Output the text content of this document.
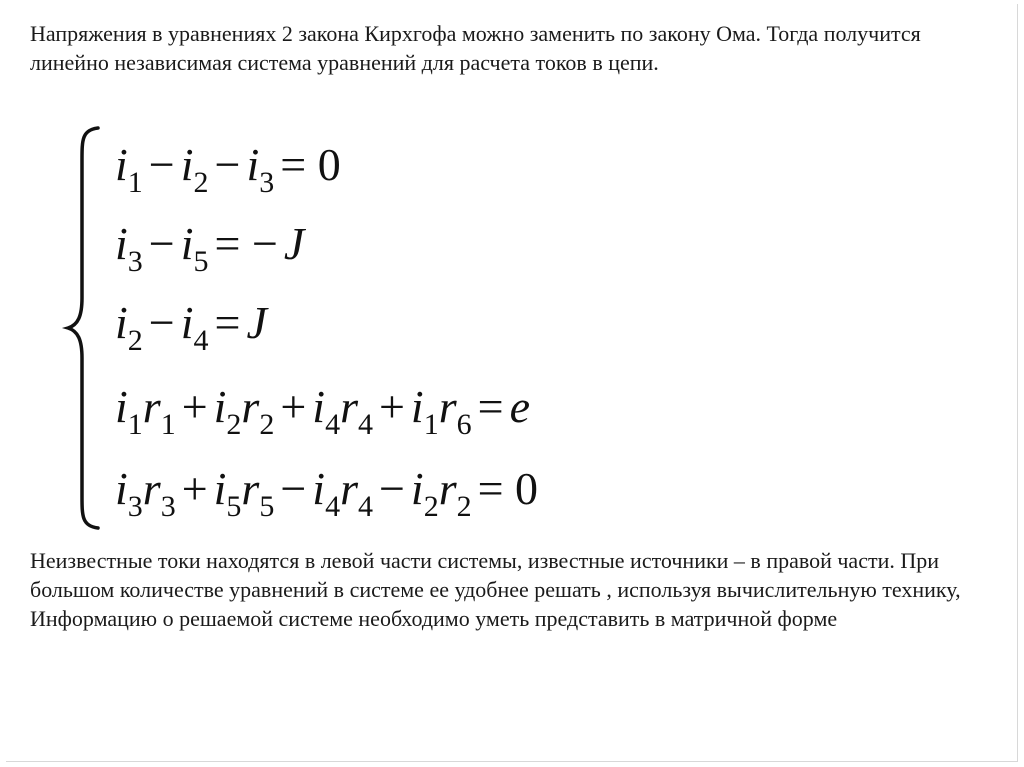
Напряжения в уравнениях 2 закона Кирхгофа можно заменить по закону Ома. Тогда получится линейно независимая система уравнений для расчета токов в цепи.

$i_1 - i_2 - i_3 = 0$
$i_3 - i_5$ = − J
$i_2 - i_4 = J$
$i_1r_1 + i_2r_2 + i_4r_4 + i_1r_6 = e$
$i_3r_3 + i_5r_5 - i_4r_4 - i_2r_2 = 0$

Неизвестные токи находятся в левой части системы, известные источники – в правой части. При большом количестве уравнений в системе ее удобнее решать , используя вычислительную технику, Информацию о решаемой системе необходимо уметь представить в матричной форме
